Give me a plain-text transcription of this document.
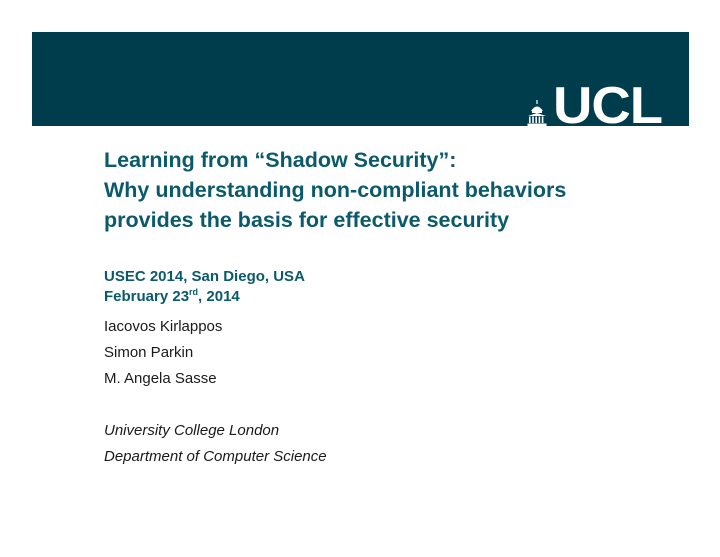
UCL
Learning from “Shadow Security”:
Why understanding non-compliant behaviors
provides the basis for effective security
USEC 2014, San Diego, USA
February 23rd, 2014
Iacovos Kirlappos
Simon Parkin
M. Angela Sasse
University College London
Department of Computer Science
